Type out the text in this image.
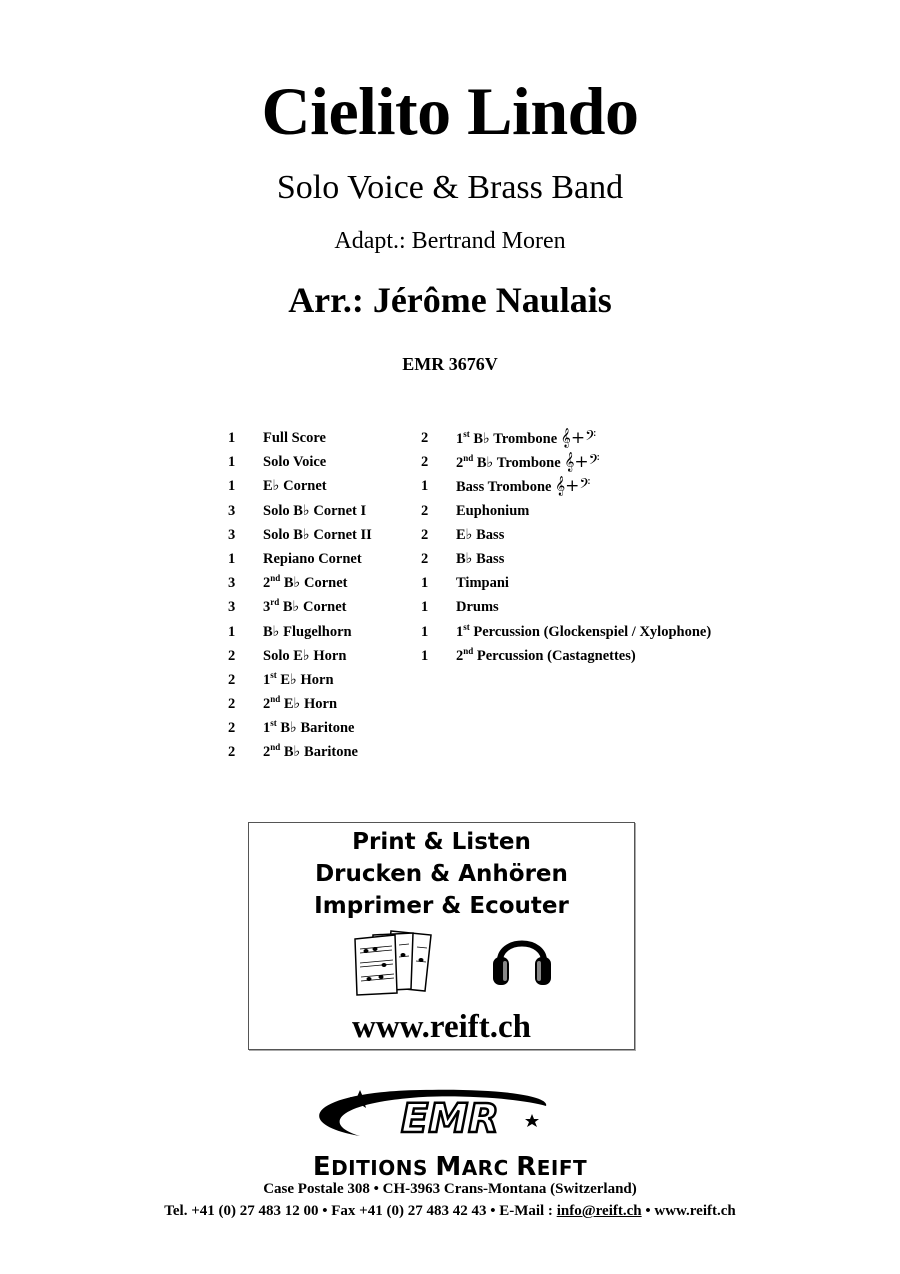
Cielito Lindo
Solo Voice & Brass Band
Adapt.: Bertrand Moren
Arr.: Jérôme Naulais
EMR 3676V
1	Full Score
1	Solo Voice
1	E♭ Cornet
3	Solo B♭ Cornet I
3	Solo B♭ Cornet II
1	Repiano Cornet
3	2nd B♭ Cornet
3	3rd B♭ Cornet
1	B♭ Flugelhorn
2	Solo E♭ Horn
2	1st E♭ Horn
2	2nd E♭ Horn
2	1st B♭ Baritone
2	2nd B♭ Baritone
2	1st B♭ Trombone 𝄞+𝄢
2	2nd B♭ Trombone 𝄞+𝄢
1	Bass Trombone 𝄞+𝄢
2	Euphonium
2	E♭ Bass
2	B♭ Bass
1	Timpani
1	Drums
1	1st Percussion (Glockenspiel / Xylophone)
1	2nd Percussion (Castagnettes)
Print & Listen
Drucken & Anhören
Imprimer & Ecouter
www.reift.ch
EMR
EDITIONS MARC REIFT
Case Postale 308 • CH-3963 Crans-Montana (Switzerland)
Tel. +41 (0) 27 483 12 00 • Fax +41 (0) 27 483 42 43 • E-Mail : info@reift.ch • www.reift.ch
